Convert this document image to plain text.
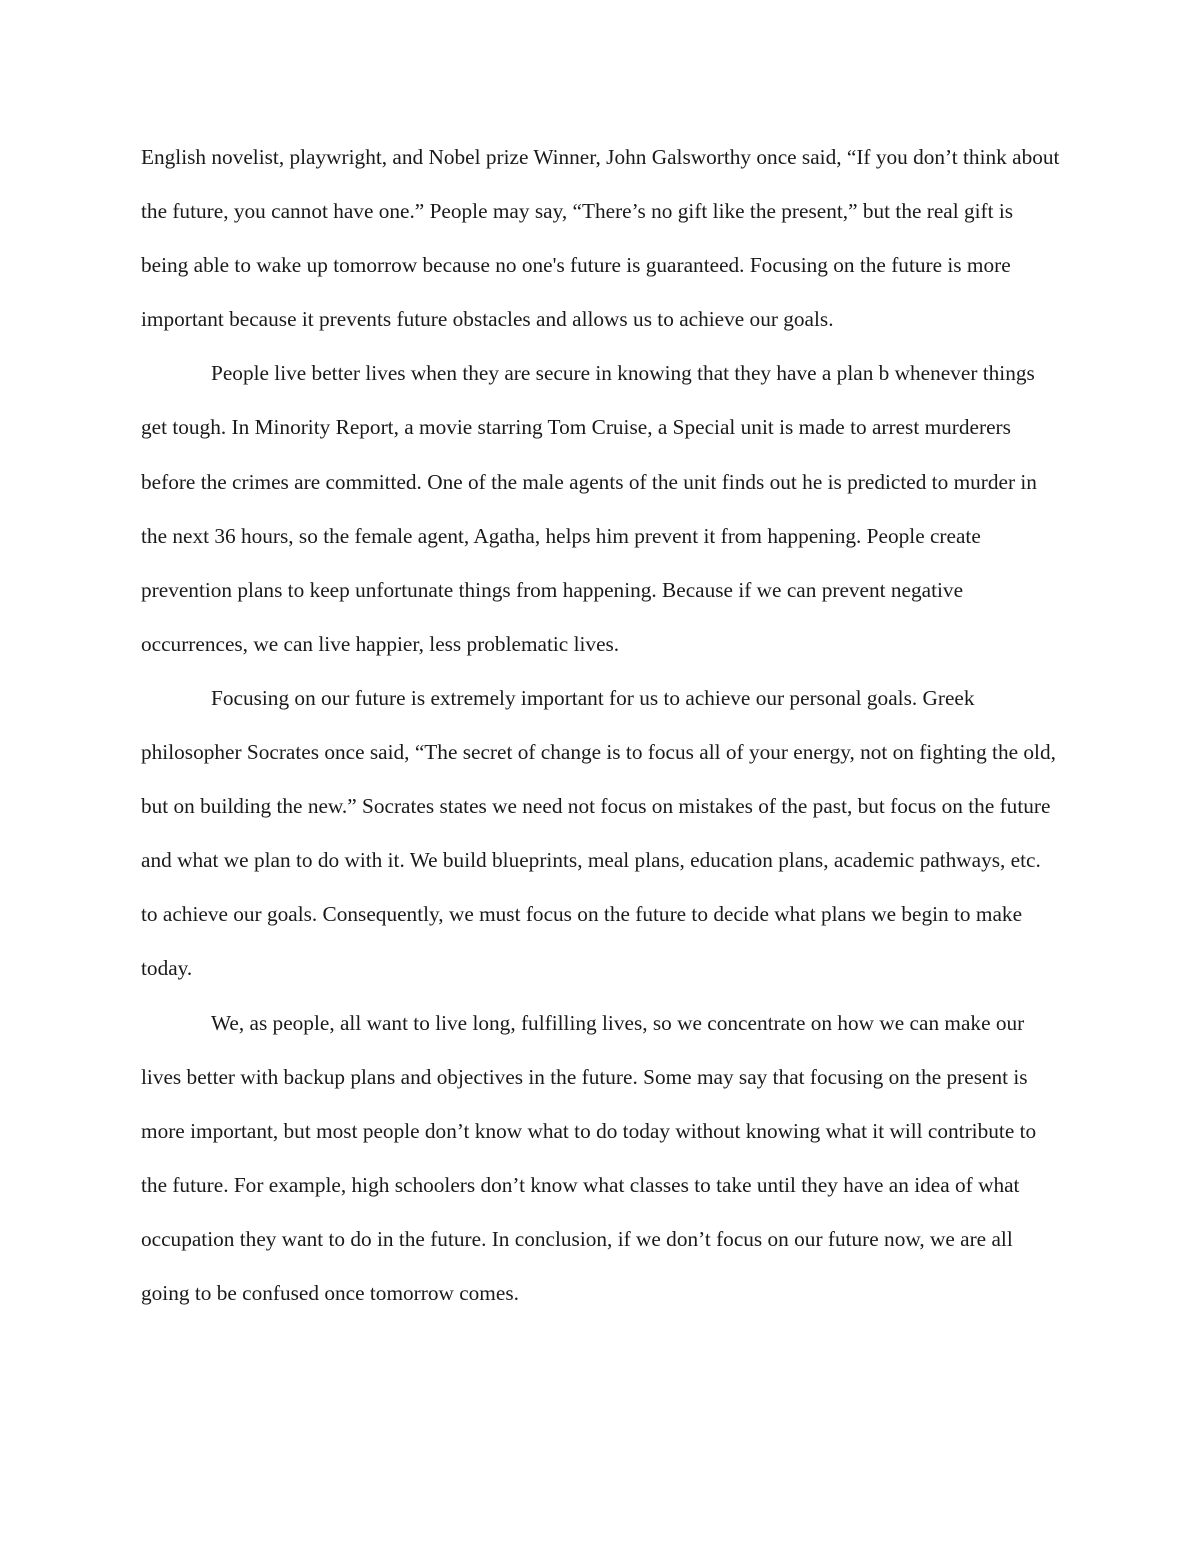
English novelist, playwright, and Nobel prize Winner, John Galsworthy once said, “If you don’t think about the future, you cannot have one.” People may say, “There’s no gift like the present,” but the real gift is being able to wake up tomorrow because no one's future is guaranteed. Focusing on the future is more important because it prevents future obstacles and allows us to achieve our goals.

People live better lives when they are secure in knowing that they have a plan b whenever things get tough. In Minority Report, a movie starring Tom Cruise, a Special unit is made to arrest murderers before the crimes are committed. One of the male agents of the unit finds out he is predicted to murder in the next 36 hours, so the female agent, Agatha, helps him prevent it from happening. People create prevention plans to keep unfortunate things from happening. Because if we can prevent negative occurrences, we can live happier, less problematic lives.

Focusing on our future is extremely important for us to achieve our personal goals. Greek philosopher Socrates once said, “The secret of change is to focus all of your energy, not on fighting the old, but on building the new.” Socrates states we need not focus on mistakes of the past, but focus on the future and what we plan to do with it. We build blueprints, meal plans, education plans, academic pathways, etc. to achieve our goals. Consequently, we must focus on the future to decide what plans we begin to make today.

We, as people, all want to live long, fulfilling lives, so we concentrate on how we can make our lives better with backup plans and objectives in the future. Some may say that focusing on the present is more important, but most people don’t know what to do today without knowing what it will contribute to the future. For example, high schoolers don’t know what classes to take until they have an idea of what occupation they want to do in the future. In conclusion, if we don’t focus on our future now, we are all going to be confused once tomorrow comes.
